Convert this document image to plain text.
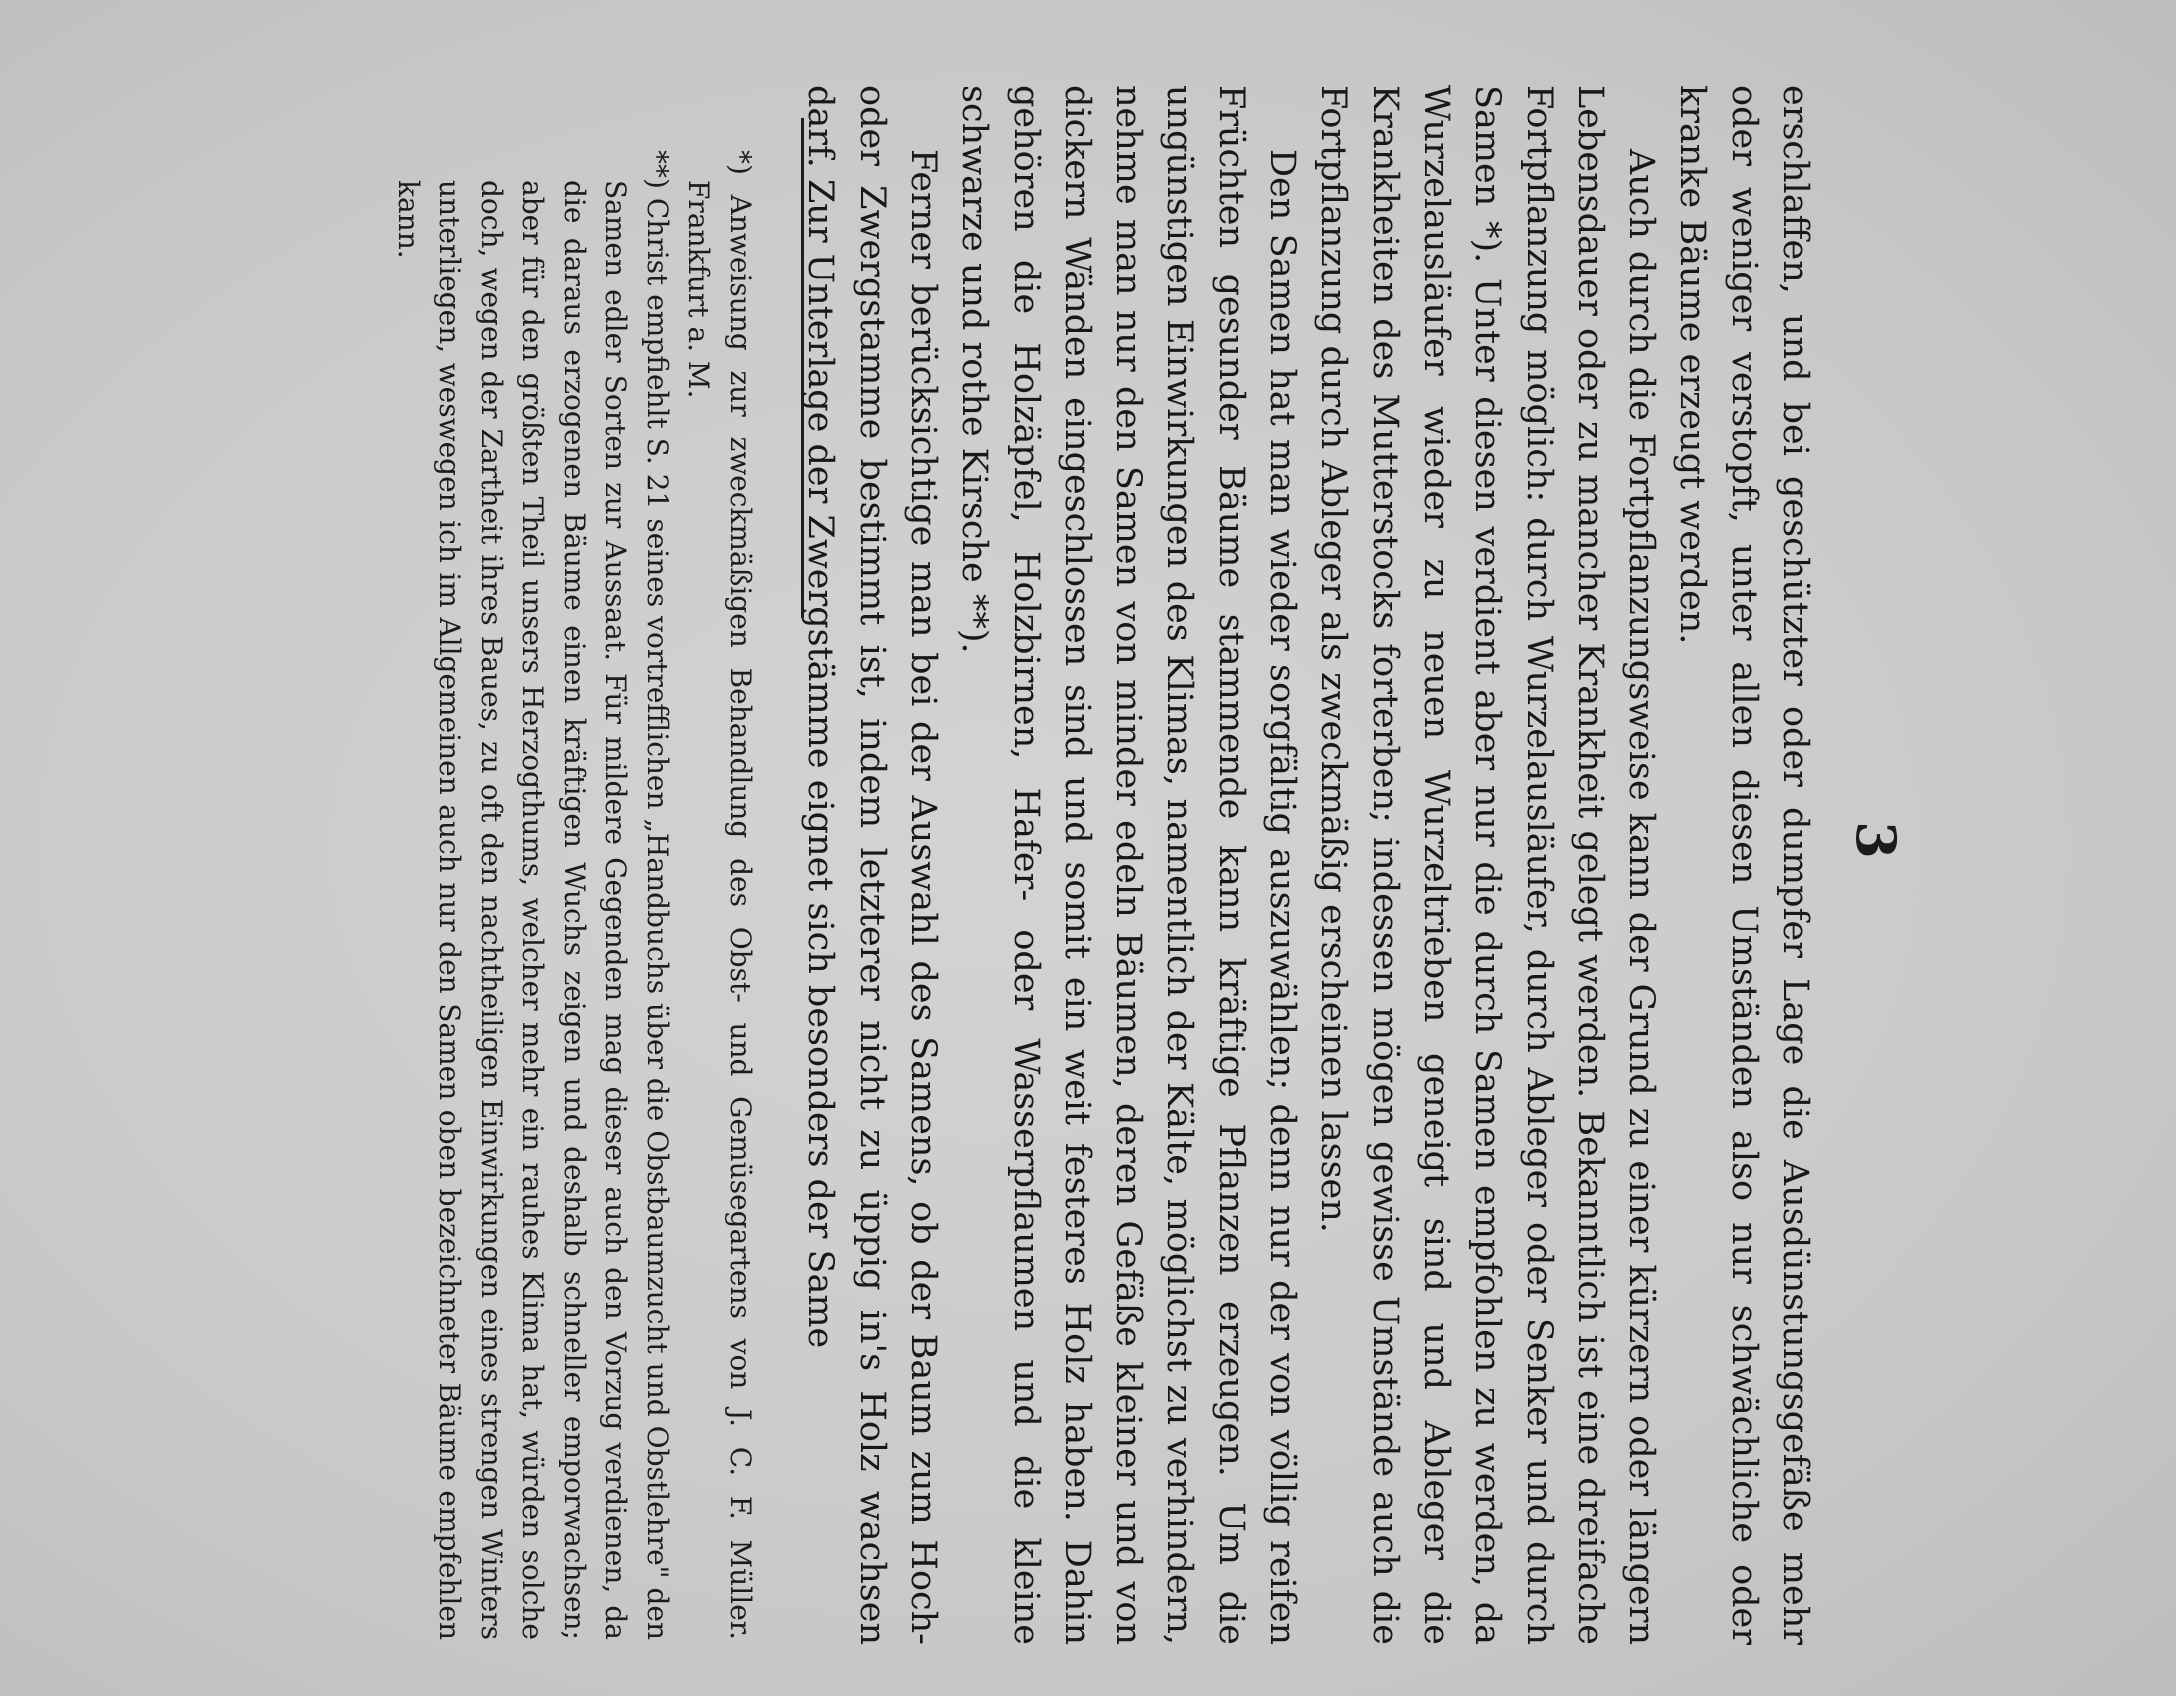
3

erschlaffen, und bei geschützter oder dumpfer Lage die Ausdünstungsgefäße mehr oder weniger verstopft, unter allen diesen Umständen also nur schwächliche oder kranke Bäume erzeugt werden.

Auch durch die Fortpflanzungsweise kann der Grund zu einer kürzern oder längern Lebensdauer oder zu mancher Krankheit gelegt werden. Bekanntlich ist eine dreifache Fortpflanzung möglich: durch Wurzelausläufer, durch Ableger oder Senker und durch Samen *). Unter diesen verdient aber nur die durch Samen empfohlen zu werden, da Wurzelausläufer wieder zu neuen Wurzeltrieben geneigt sind und Ableger die Krankheiten des Mutterstocks forterben; indessen mögen gewisse Umstände auch die Fortpflanzung durch Ableger als zweckmäßig erscheinen lassen.

Den Samen hat man wieder sorgfältig auszuwählen; denn nur der von völlig reifen Früchten gesunder Bäume stammende kann kräftige Pflanzen erzeugen. Um die ungünstigen Einwirkungen des Klimas, namentlich der Kälte, möglichst zu verhindern, nehme man nur den Samen von minder edeln Bäumen, deren Gefäße kleiner und von dickern Wänden eingeschlossen sind und somit ein weit festeres Holz haben. Dahin gehören die Holzäpfel, Holzbirnen, Hafer- oder Wasserpflaumen und die kleine schwarze und rothe Kirsche **).

Ferner berücksichtige man bei der Auswahl des Samens, ob der Baum zum Hoch- oder Zwergstamme bestimmt ist, indem letzterer nicht zu üppig in's Holz wachsen darf. Zur Unterlage der Zwergstämme eignet sich besonders der Same

*) Anweisung zur zweckmäßigen Behandlung des Obst- und Gemüsegartens von J. C. F. Müller. Frankfurt a. M.

**) Christ empfiehlt S. 21 seines vortrefflichen „Handbuchs über die Obstbaumzucht und Obstlehre" den Samen edler Sorten zur Aussaat. Für mildere Gegenden mag dieser auch den Vorzug verdienen, da die daraus erzogenen Bäume einen kräftigen Wuchs zeigen und deshalb schneller emporwachsen; aber für den größten Theil unsers Herzogthums, welcher mehr ein rauhes Klima hat, würden solche doch, wegen der Zartheit ihres Baues, zu oft den nachtheiligen Einwirkungen eines strengen Winters unterliegen, weswegen ich im Allgemeinen auch nur den Samen oben bezeichneter Bäume empfehlen kann.
